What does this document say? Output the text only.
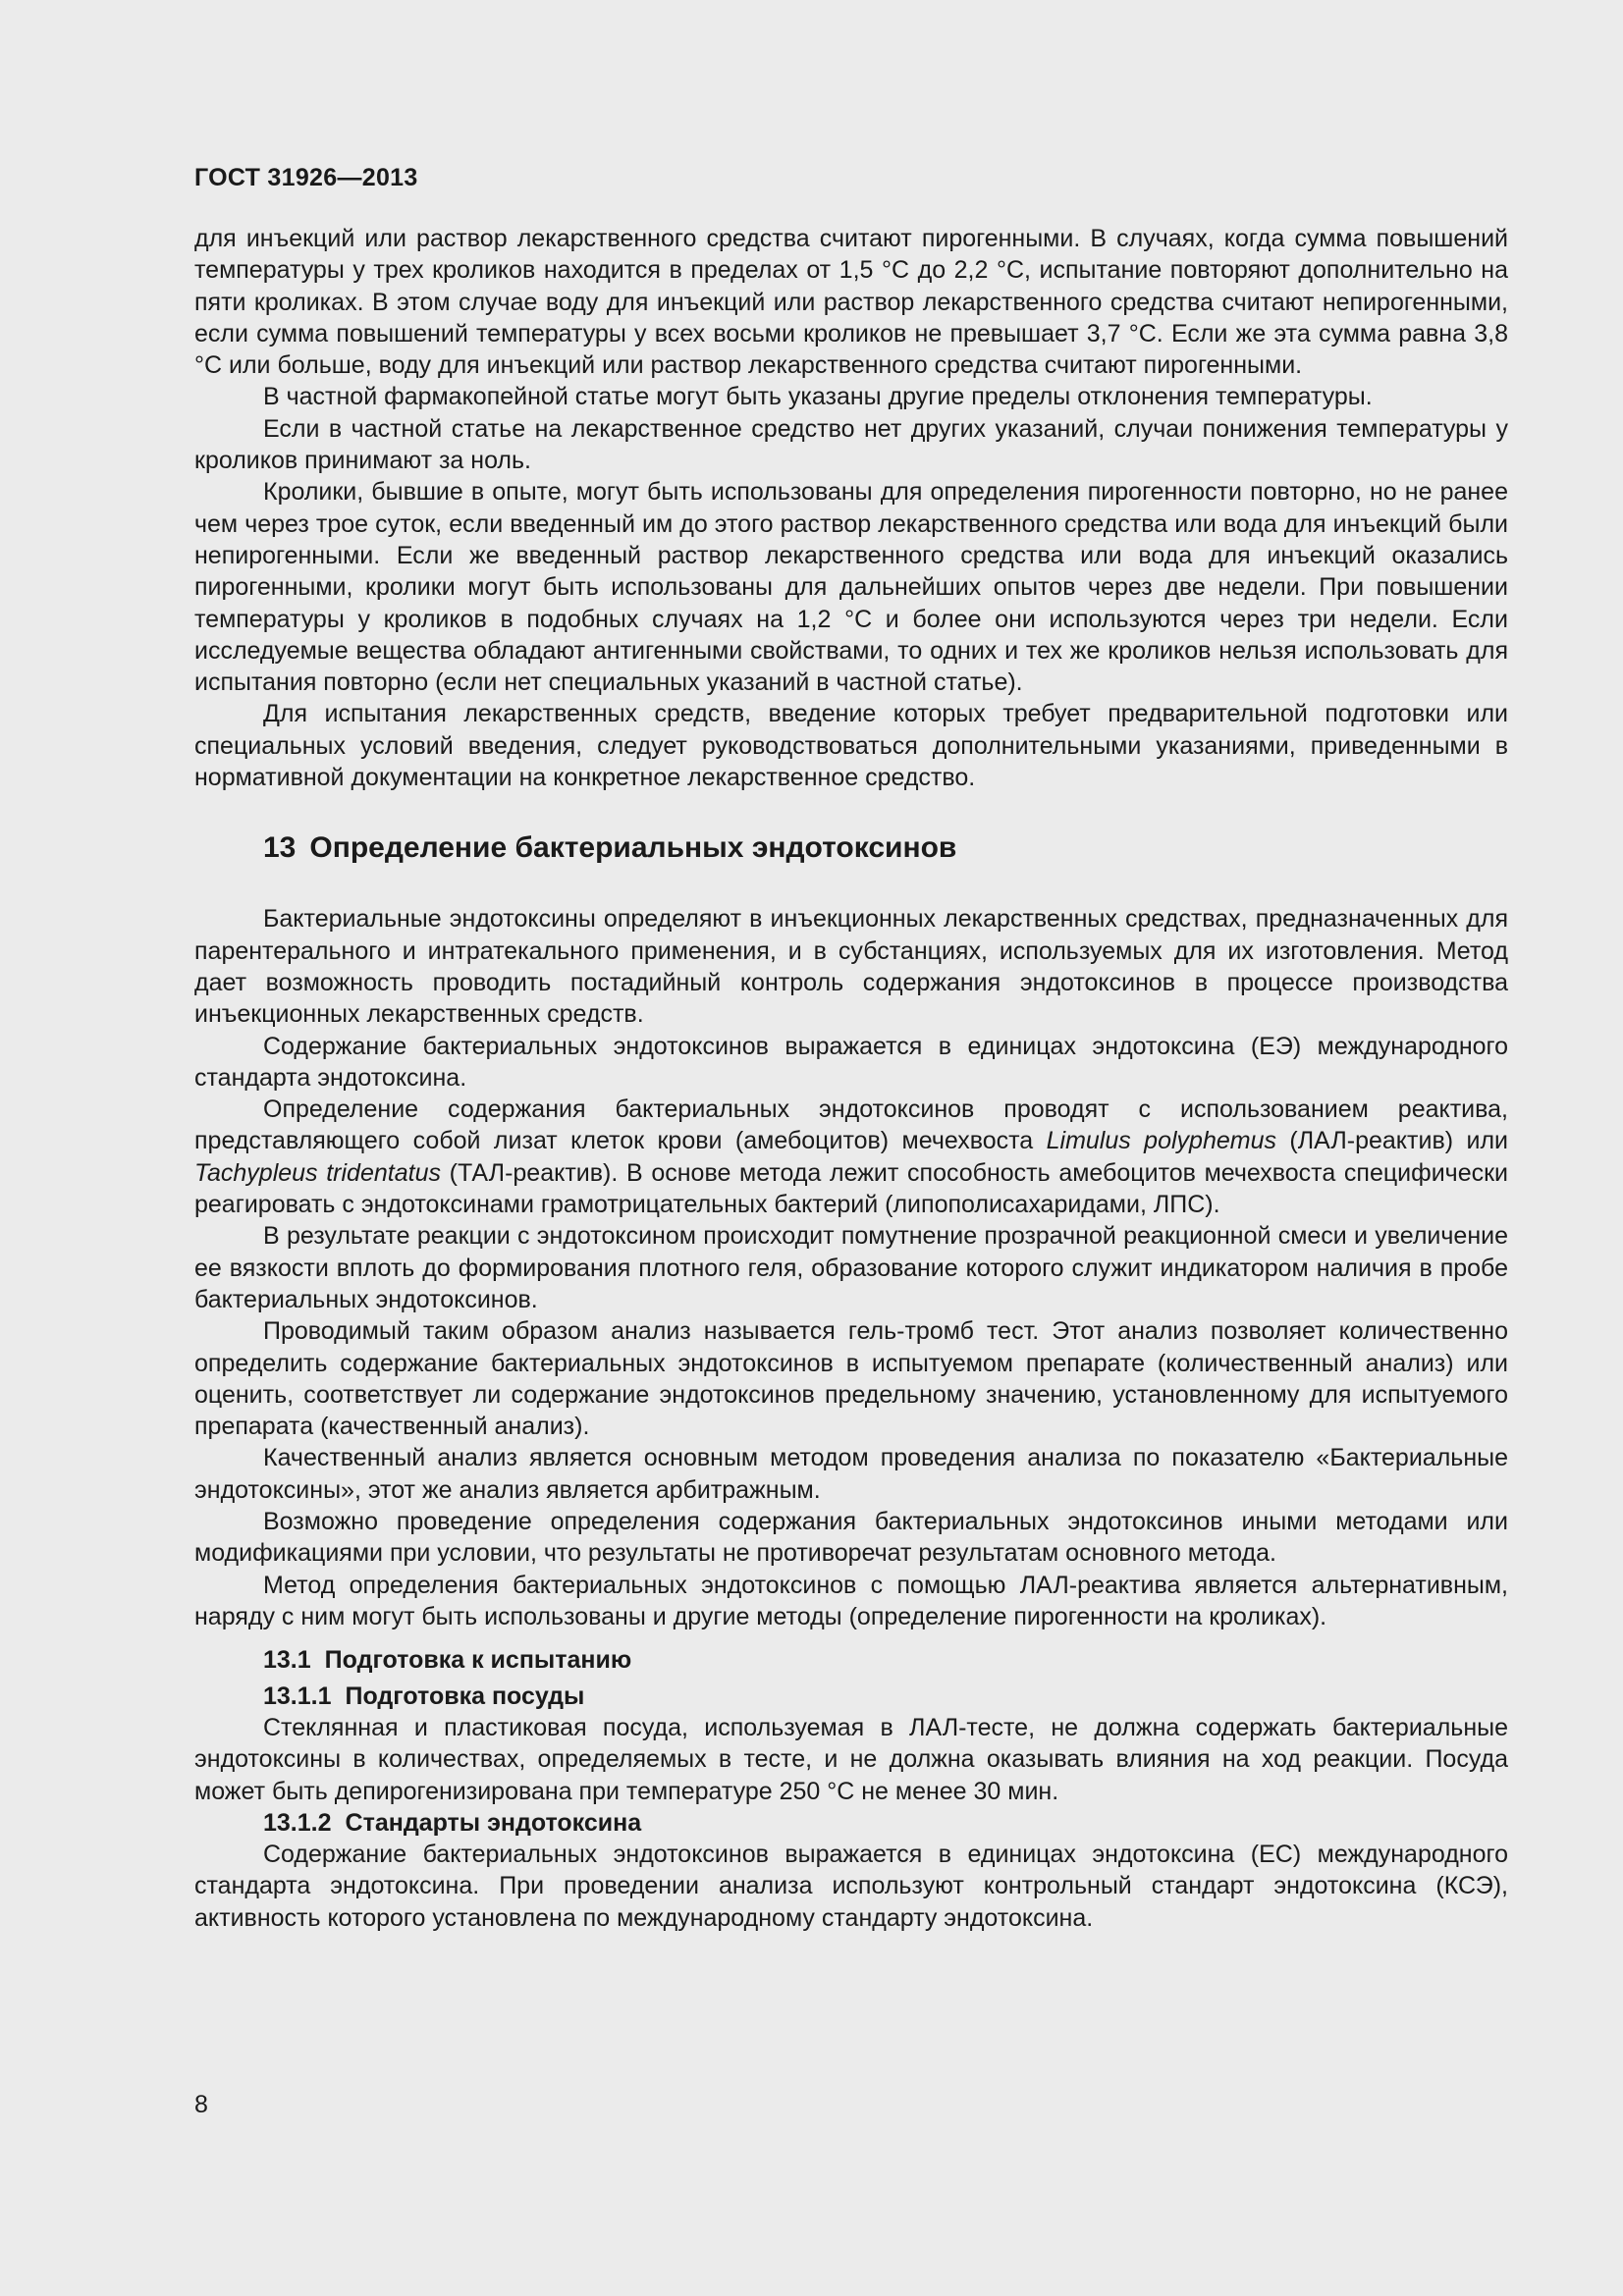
ГОСТ 31926—2013

для инъекций или раствор лекарственного средства считают пирогенными. В случаях, когда сумма повышений температуры у трех кроликов находится в пределах от 1,5 °С до 2,2 °С, испытание повторяют дополнительно на пяти кроликах. В этом случае воду для инъекций или раствор лекарственного средства считают непирогенными, если сумма повышений температуры у всех восьми кроликов не превышает 3,7 °С. Если же эта сумма равна 3,8 °С или больше, воду для инъекций или раствор лекарственного средства считают пирогенными.

В частной фармакопейной статье могут быть указаны другие пределы отклонения температуры.

Если в частной статье на лекарственное средство нет других указаний, случаи понижения температуры у кроликов принимают за ноль.

Кролики, бывшие в опыте, могут быть использованы для определения пирогенности повторно, но не ранее чем через трое суток, если введенный им до этого раствор лекарственного средства или вода для инъекций были непирогенными. Если же введенный раствор лекарственного средства или вода для инъекций оказались пирогенными, кролики могут быть использованы для дальнейших опытов через две недели. При повышении температуры у кроликов в подобных случаях на 1,2 °С и более они используются через три недели. Если исследуемые вещества обладают антигенными свойствами, то одних и тех же кроликов нельзя использовать для испытания повторно (если нет специальных указаний в частной статье).

Для испытания лекарственных средств, введение которых требует предварительной подготовки или специальных условий введения, следует руководствоваться дополнительными указаниями, приведенными в нормативной документации на конкретное лекарственное средство.

13 Определение бактериальных эндотоксинов

Бактериальные эндотоксины определяют в инъекционных лекарственных средствах, предназначенных для парентерального и интратекального применения, и в субстанциях, используемых для их изготовления. Метод дает возможность проводить постадийный контроль содержания эндотоксинов в процессе производства инъекционных лекарственных средств.

Содержание бактериальных эндотоксинов выражается в единицах эндотоксина (ЕЭ) международного стандарта эндотоксина.

Определение содержания бактериальных эндотоксинов проводят с использованием реактива, представляющего собой лизат клеток крови (амебоцитов) мечехвоста Limulus polyphemus (ЛАЛ-реактив) или Tachypleus tridentatus (ТАЛ-реактив). В основе метода лежит способность амебоцитов мечехвоста специфически реагировать с эндотоксинами грамотрицательных бактерий (липополисахаридами, ЛПС).

В результате реакции с эндотоксином происходит помутнение прозрачной реакционной смеси и увеличение ее вязкости вплоть до формирования плотного геля, образование которого служит индикатором наличия в пробе бактериальных эндотоксинов.

Проводимый таким образом анализ называется гель-тромб тест. Этот анализ позволяет количественно определить содержание бактериальных эндотоксинов в испытуемом препарате (количественный анализ) или оценить, соответствует ли содержание эндотоксинов предельному значению, установленному для испытуемого препарата (качественный анализ).

Качественный анализ является основным методом проведения анализа по показателю «Бактериальные эндотоксины», этот же анализ является арбитражным.

Возможно проведение определения содержания бактериальных эндотоксинов иными методами или модификациями при условии, что результаты не противоречат результатам основного метода.

Метод определения бактериальных эндотоксинов с помощью ЛАЛ-реактива является альтернативным, наряду с ним могут быть использованы и другие методы (определение пирогенности на кроликах).

13.1 Подготовка к испытанию
13.1.1 Подготовка посуды

Стеклянная и пластиковая посуда, используемая в ЛАЛ-тесте, не должна содержать бактериальные эндотоксины в количествах, определяемых в тесте, и не должна оказывать влияния на ход реакции. Посуда может быть депирогенизирована при температуре 250 °С не менее 30 мин.

13.1.2 Стандарты эндотоксина

Содержание бактериальных эндотоксинов выражается в единицах эндотоксина (ЕС) международного стандарта эндотоксина. При проведении анализа используют контрольный стандарт эндотоксина (КСЭ), активность которого установлена по международному стандарту эндотоксина.

8
